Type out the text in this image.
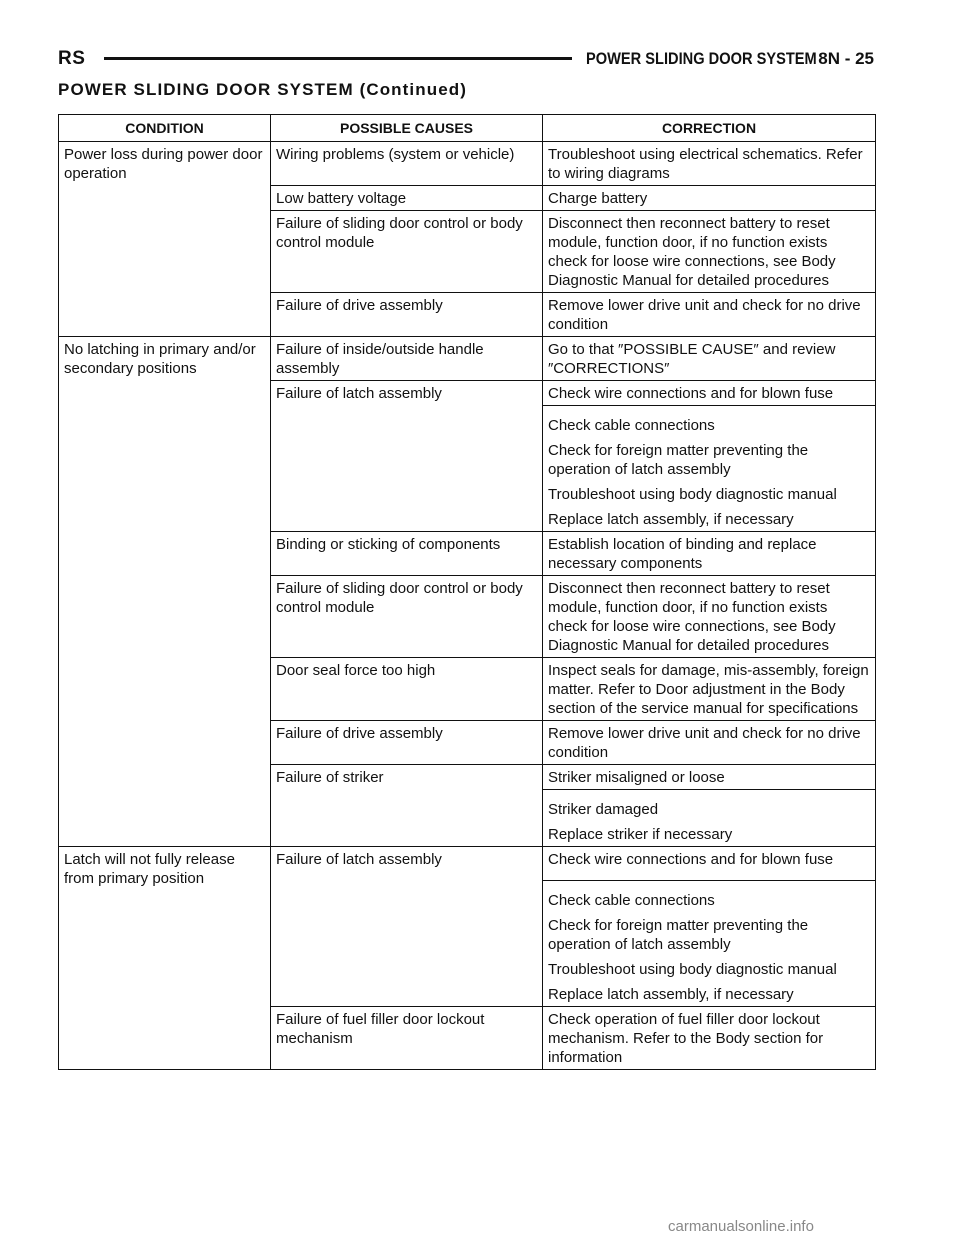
RS	POWER SLIDING DOOR SYSTEM 8N - 25
POWER SLIDING DOOR SYSTEM (Continued)
CONDITION	POSSIBLE CAUSES	CORRECTION
Power loss during power door operation	Wiring problems (system or vehicle)	Troubleshoot using electrical schematics. Refer to wiring diagrams
	Low battery voltage	Charge battery
	Failure of sliding door control or body control module	Disconnect then reconnect battery to reset module, function door, if no function exists check for loose wire connections, see Body Diagnostic Manual for detailed procedures
	Failure of drive assembly	Remove lower drive unit and check for no drive condition
No latching in primary and/or secondary positions	Failure of inside/outside handle assembly	Go to that ″POSSIBLE CAUSE″ and review ″CORRECTIONS″
	Failure of latch assembly	Check wire connections and for blown fuse

		Check cable connections
Check for foreign matter preventing the operation of latch assembly
Troubleshoot using body diagnostic manual
Replace latch assembly, if necessary

	Binding or sticking of components	Establish location of binding and replace necessary components
	Failure of sliding door control or body control module	Disconnect then reconnect battery to reset module, function door, if no function exists check for loose wire connections, see Body Diagnostic Manual for detailed procedures
	Door seal force too high	Inspect seals for damage, mis-assembly, foreign matter. Refer to Door adjustment in the Body section of the service manual for specifications
	Failure of drive assembly	Remove lower drive unit and check for no drive condition
	Failure of striker	Striker misaligned or loose

		Striker damaged
Replace striker if necessary

Latch will not fully release from primary position	Failure of latch assembly	Check wire connections and for blown fuse

		Check cable connections
Check for foreign matter preventing the operation of latch assembly
Troubleshoot using body diagnostic manual
Replace latch assembly, if necessary

	Failure of fuel filler door lockout mechanism	Check operation of fuel filler door lockout mechanism. Refer to the Body section for information
carmanualsonline.info
